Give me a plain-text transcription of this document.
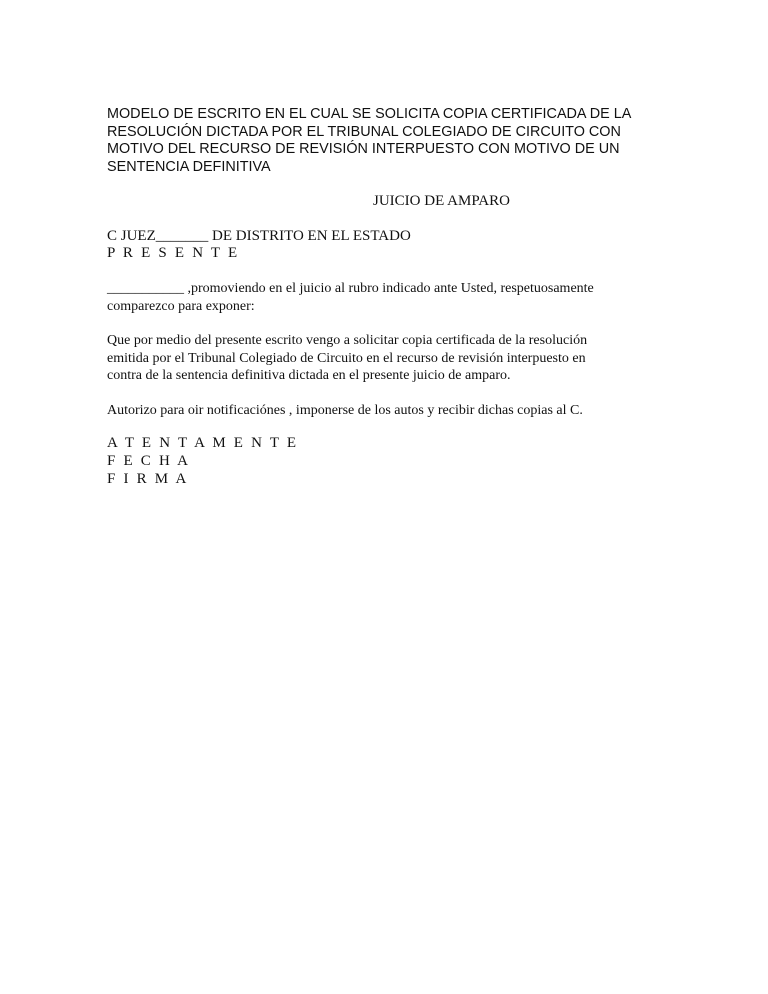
MODELO DE ESCRITO EN EL CUAL SE SOLICITA COPIA CERTIFICADA DE LA
RESOLUCIÓN DICTADA POR EL TRIBUNAL COLEGIADO DE CIRCUITO CON
MOTIVO DEL RECURSO DE REVISIÓN INTERPUESTO CON MOTIVO DE UN
SENTENCIA DEFINITIVA
JUICIO DE AMPARO
C JUEZ_______ DE DISTRITO EN EL ESTADO
P R E S E N T E
___________ ,promoviendo en el juicio al rubro indicado ante Usted, respetuosamente
comparezco para exponer:
Que por medio del presente escrito vengo a solicitar copia certificada de la resolución
emitida por el Tribunal Colegiado de Circuito en el recurso de revisión interpuesto en
contra de la sentencia definitiva dictada en el presente juicio de amparo.
Autorizo para oir notificaciónes , imponerse de los autos y recibir dichas copias al C.
A T E N T A M E N T E
F E C H A
F I R M A
